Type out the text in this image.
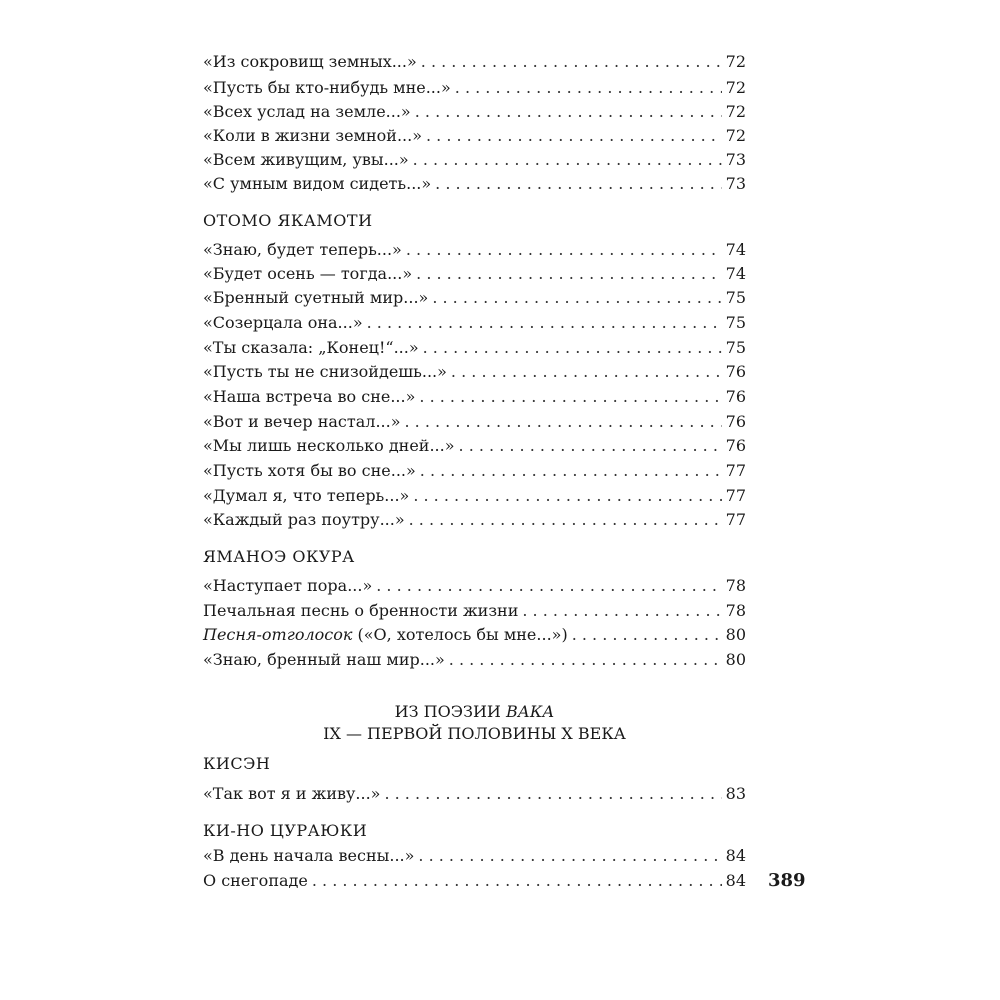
«Из сокровищ земных...» . . .	72
«Пусть бы кто-нибудь мне...» . . .	72
«Всех услад на земле...» . . .	72
«Коли в жизни земной...» . . .	72
«Всем живущим, увы...» . . .	73
«С умным видом сидеть...» . . .	73
ОТОМО ЯКАМОТИ
«Знаю, будет теперь...» . . .	74
«Будет осень — тогда...» . . .	74
«Бренный суетный мир...» . . .	75
«Созерцала она...» . . .	75
«Ты сказала: „Конец!“...» . . .	75
«Пусть ты не снизойдешь...» . . .	76
«Наша встреча во сне...» . . .	76
«Вот и вечер настал...» . . .	76
«Мы лишь несколько дней...» . . .	76
«Пусть хотя бы во сне...» . . .	77
«Думал я, что теперь...» . . .	77
«Каждый раз поутру...» . . .	77
ЯМАНОЭ ОКУРА
«Наступает пора...» . . .	78
Печальная песнь о бренности жизни . . .	78
Песня-отголосок («О, хотелось бы мне...») . . .	80
«Знаю, бренный наш мир...» . . .	80
ИЗ ПОЭЗИИ ВАКА
IX — ПЕРВОЙ ПОЛОВИНЫ X ВЕКА
КИСЭН
«Так вот я и живу...» . . .	83
КИ-НО ЦУРАЮКИ
«В день начала весны...» . . .	84
О снегопаде . . .	84 389
